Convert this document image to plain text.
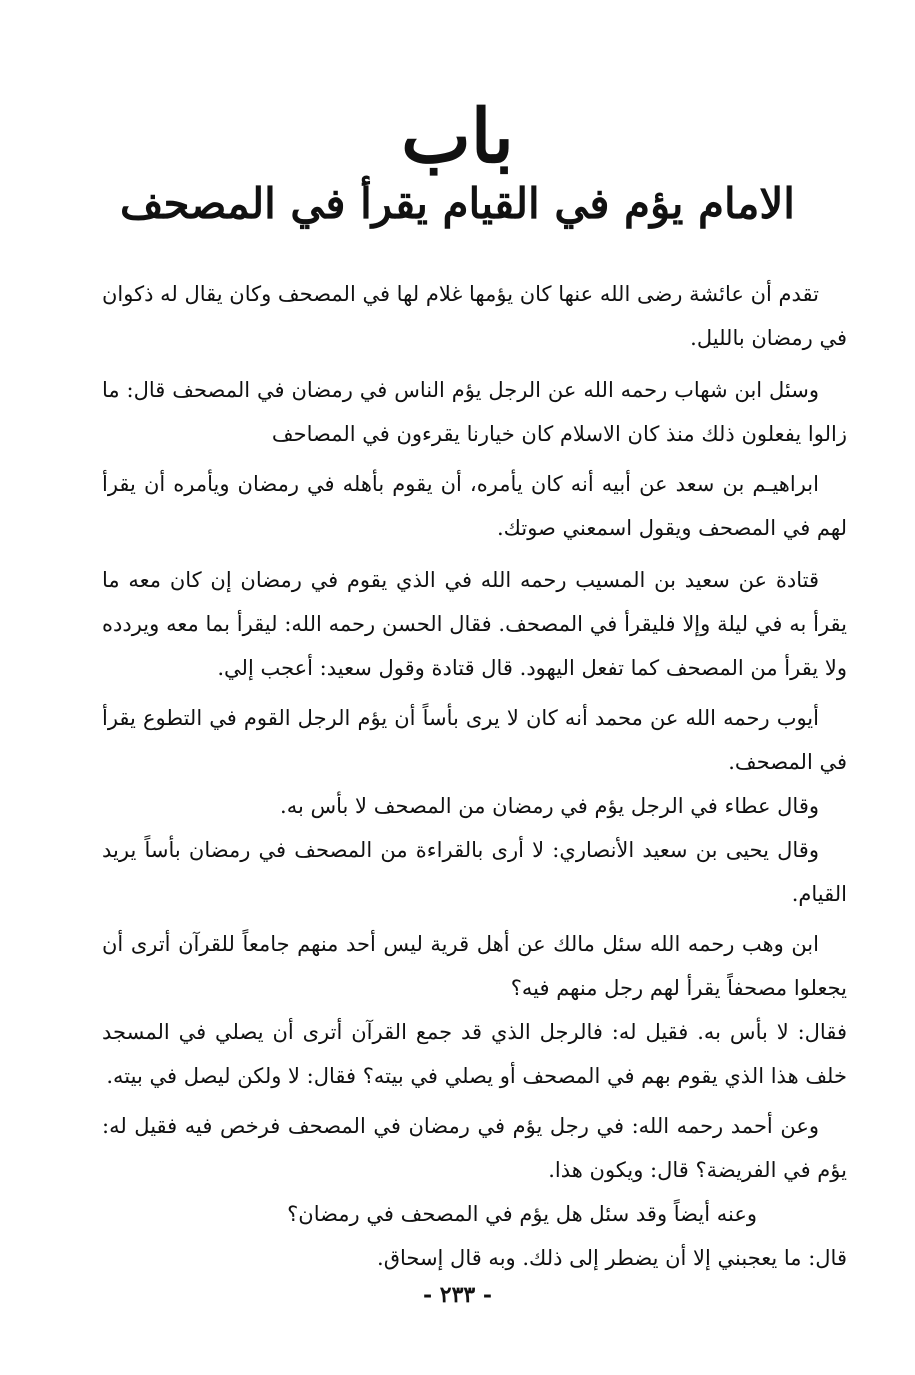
باب
الامام يؤم في القيام يقرأ في المصحف

تقدم أن عائشة رضى الله عنها كان يؤمها غلام لها في المصحف وكان يقال له ذكوان في رمضان بالليل.

وسئل ابن شهاب رحمه الله عن الرجل يؤم الناس في رمضان في المصحف قال: ما زالوا يفعلون ذلك منذ كان الاسلام كان خيارنا يقرءون في المصاحف

ابراهيـم بن سعد عن أبيه أنه كان يأمره، أن يقوم بأهله في رمضان ويأمره أن يقرأ لهم في المصحف ويقول اسمعني صوتك.

قتادة عن سعيد بن المسيب رحمه الله في الذي يقوم في رمضان إن كان معه ما يقرأ به في ليلة وإلا فليقرأ في المصحف. فقال الحسن رحمه الله: ليقرأ بما معه ويردده ولا يقرأ من المصحف كما تفعل اليهود. قال قتادة وقول سعيد: أعجب إلي.

أيوب رحمه الله عن محمد أنه كان لا يرى بأساً أن يؤم الرجل القوم في التطوع يقرأ في المصحف.

وقال عطاء في الرجل يؤم في رمضان من المصحف لا بأس به.

وقال يحيى بن سعيد الأنصاري: لا أرى بالقراءة من المصحف في رمضان بأساً يريد القيام.

ابن وهب رحمه الله سئل مالك عن أهل قرية ليس أحد منهم جامعاً للقرآن أترى أن يجعلوا مصحفاً يقرأ لهم رجل منهم فيه؟

فقال: لا بأس به. فقيل له: فالرجل الذي قد جمع القرآن أترى أن يصلي في المسجد خلف هذا الذي يقوم بهم في المصحف أو يصلي في بيته؟ فقال: لا ولكن ليصل في بيته.

وعن أحمد رحمه الله: في رجل يؤم في رمضان في المصحف فرخص فيه فقيل له: يؤم في الفريضة؟ قال: ويكون هذا.

وعنه أيضاً وقد سئل هل يؤم في المصحف في رمضان؟

قال: ما يعجبني إلا أن يضطر إلى ذلك. وبه قال إسحاق.

- ٢٣٣ -
